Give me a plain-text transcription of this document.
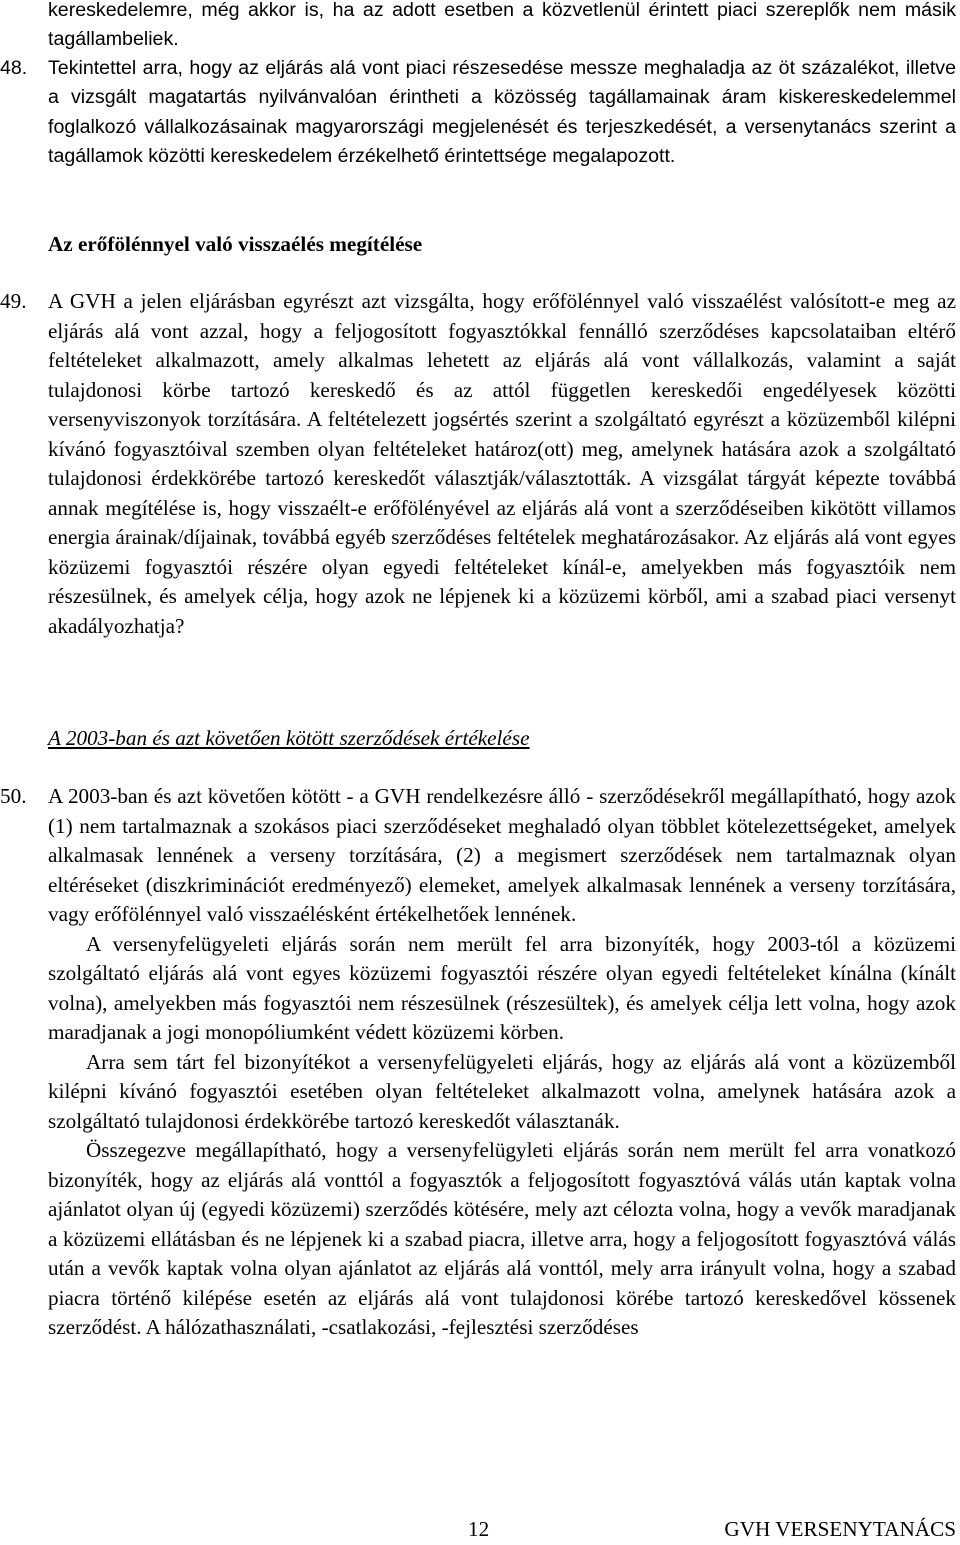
kereskedelemre, még akkor is, ha az adott esetben a közvetlenül érintett piaci szereplők nem másik tagállambeliek.

48. Tekintettel arra, hogy az eljárás alá vont piaci részesedése messze meghaladja az öt százalékot, illetve a vizsgált magatartás nyilvánvalóan érintheti a közösség tagállamainak áram kiskereskedelemmel foglalkozó vállalkozásainak magyarországi megjelenését és terjeszkedését, a versenytanács szerint a tagállamok közötti kereskedelem érzékelhető érintettsége megalapozott.

Az erőfölénnyel való visszaélés megítélése

49. A GVH a jelen eljárásban egyrészt azt vizsgálta, hogy erőfölénnyel való visszaélést valósított-e meg az eljárás alá vont azzal, hogy a feljogosított fogyasztókkal fennálló szerződéses kapcsolataiban eltérő feltételeket alkalmazott, amely alkalmas lehetett az eljárás alá vont vállalkozás, valamint a saját tulajdonosi körbe tartozó kereskedő és az attól független kereskedői engedélyesek közötti versenyviszonyok torzítására. A feltételezett jogsértés szerint a szolgáltató egyrészt a közüzemből kilépni kívánó fogyasztóival szemben olyan feltételeket határoz(ott) meg, amelynek hatására azok a szolgáltató tulajdonosi érdekkörébe tartozó kereskedőt választják/választották. A vizsgálat tárgyát képezte továbbá annak megítélése is, hogy visszaélt-e erőfölényével az eljárás alá vont a szerződéseiben kikötött villamos energia árainak/díjainak, továbbá egyéb szerződéses feltételek meghatározásakor. Az eljárás alá vont egyes közüzemi fogyasztói részére olyan egyedi feltételeket kínál-e, amelyekben más fogyasztóik nem részesülnek, és amelyek célja, hogy azok ne lépjenek ki a közüzemi körből, ami a szabad piaci versenyt akadályozhatja?

A 2003-ban és azt követően kötött szerződések értékelése

50. A 2003-ban és azt követően kötött - a GVH rendelkezésre álló - szerződésekről megállapítható, hogy azok (1) nem tartalmaznak a szokásos piaci szerződéseket meghaladó olyan többlet kötelezettségeket, amelyek alkalmasak lennének a verseny torzítására, (2) a megismert szerződések nem tartalmaznak olyan eltéréseket (diszkriminációt eredményező) elemeket, amelyek alkalmasak lennének a verseny torzítására, vagy erőfölénnyel való visszaélésként értékelhetőek lennének.

A versenyfelügyeleti eljárás során nem merült fel arra bizonyíték, hogy 2003-tól a közüzemi szolgáltató eljárás alá vont egyes közüzemi fogyasztói részére olyan egyedi feltételeket kínálna (kínált volna), amelyekben más fogyasztói nem részesülnek (részesültek), és amelyek célja lett volna, hogy azok maradjanak a jogi monopóliumként védett közüzemi körben.

Arra sem tárt fel bizonyítékot a versenyfelügyeleti eljárás, hogy az eljárás alá vont a közüzemből kilépni kívánó fogyasztói esetében olyan feltételeket alkalmazott volna, amelynek hatására azok a szolgáltató tulajdonosi érdekkörébe tartozó kereskedőt választanák.

Összegezve megállapítható, hogy a versenyfelügyleti eljárás során nem merült fel arra vonatkozó bizonyíték, hogy az eljárás alá vonttól a fogyasztók a feljogosított fogyasztóvá válás után kaptak volna ajánlatot olyan új (egyedi közüzemi) szerződés kötésére, mely azt célozta volna, hogy a vevők maradjanak a közüzemi ellátásban és ne lépjenek ki a szabad piacra, illetve arra, hogy a feljogosított fogyasztóvá válás után a vevők kaptak volna olyan ajánlatot az eljárás alá vonttól, mely arra irányult volna, hogy a szabad piacra történő kilépése esetén az eljárás alá vont tulajdonosi körébe tartozó kereskedővel kössenek szerződést. A hálózathasználati, -csatlakozási, -fejlesztési szerződéses

12	GVH VERSENYTANÁCS
